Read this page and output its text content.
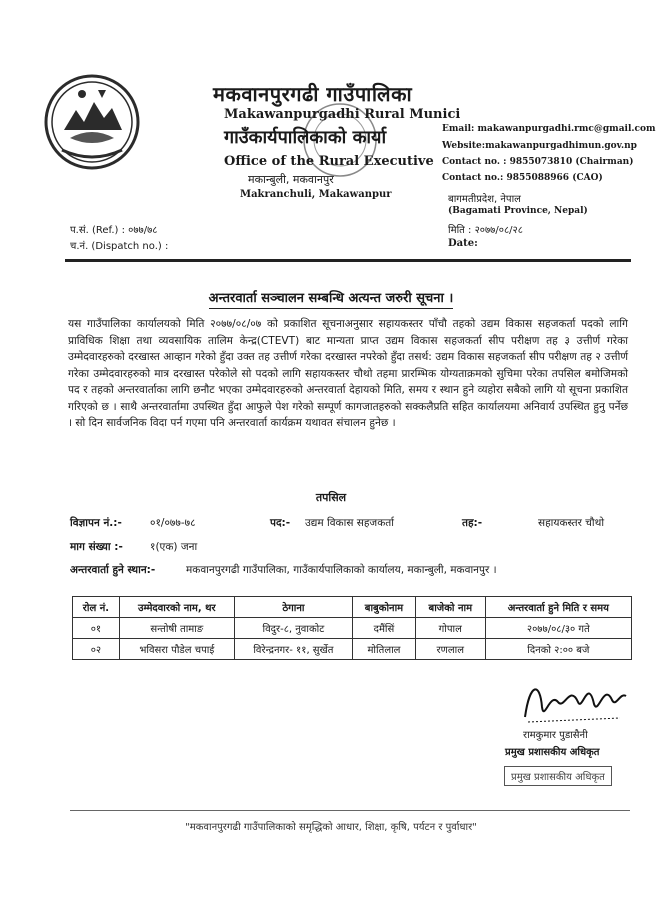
मकवानपुरगढी गाउँपालिका
Makawanpurgadhi Rural Munici
गाउँकार्यपालिकाको कार्या
Office of the Rural Executive
मकान्बुली, मकवानपुर
Makranchuli, Makawanpur
Email: makawanpurgadhi.rmc@gmail.com
Website:makawanpurgadhimun.gov.np
Contact no. : 9855073810 (Chairman)
Contact no.: 9855088966 (CAO)
बागमतीप्रदेश, नेपाल
(Bagamati Province, Nepal)
प.सं. (Ref.) : ०७७/७८
च.नं. (Dispatch no.) :
मिति : २०७७/०८/२८
Date:
अन्तरवार्ता सञ्चालन सम्बन्धि अत्यन्त जरुरी सूचना ।
यस गाउँपालिका कार्यालयको मिति २०७७/०८/०७ को प्रकाशित सूचनाअनुसार सहायकस्तर पाँचौ तहको उद्यम विकास सहजकर्ता पदको लागि प्राविधिक शिक्षा तथा व्यवसायिक तालिम केन्द्र(CTEVT) बाट मान्यता प्राप्त उद्यम विकास सहजकर्ता सीप परीक्षण तह ३ उत्तीर्ण गरेका उम्मेदवारहरुको दरखास्त आव्हान गरेको हुँदा उक्त तह उत्तीर्ण गरेका दरखास्त नपरेको हुँदा तसर्थ: उद्यम विकास सहजकर्ता सीप परीक्षण तह २ उत्तीर्ण गरेका उम्मेदवारहरुको मात्र दरखास्त परेकोले सो पदको लागि सहायकस्तर चौथो तहमा प्रारम्भिक योग्यताक्रमको सुचिमा परेका तपसिल बमोजिमको पद र तहको अन्तरवार्ताका लागि छनौट भएका उम्मेदवारहरुको अन्तरवार्ता देहायको मिति, समय र स्थान हुने व्यहोरा सबैको लागि यो सूचना प्रकाशित गरिएको छ । साथै अन्तरवार्तामा उपस्थित हुँदा आफुले पेश गरेको सम्पूर्ण कागजातहरुको सक्कलैप्रति सहित कार्यालयमा अनिवार्य उपस्थित हुनु पर्नेछ । सो दिन सार्वजनिक विदा पर्न गएमा पनि अन्तरवार्ता कार्यक्रम यथावत संचालन हुनेछ ।
तपसिल
विज्ञापन नं.:-	०१/०७७-७८	पद:- उद्यम विकास सहजकर्ता	तह:-	सहायकस्तर चौथो
माग संख्या :-	१(एक) जना
अन्तरवार्ता हुने स्थान:-	मकवानपुरगढी गाउँपालिका, गाउँकार्यपालिकाको कार्यालय, मकान्बुली, मकवानपुर ।
रोल नं.	उम्मेदवारको नाम, थर	ठेगाना	बाबुकोनाम	बाजेको नाम	अन्तरवार्ता हुने मिति र समय
०१	सन्तोषी तामाङ	विदुर-८, नुवाकोट	दमैंसिं	गोपाल	२०७७/०८/३० गते
०२	भविसरा पौडेल चपाई	विरेन्द्रनगर- ११, सुर्खेत	मोतिलाल	रणलाल	दिनको २:०० बजे
रामकुमार पुडासैनी
प्रमुख प्रशासकीय अधिकृत
प्रमुख प्रशासकीय अधिकृत
"मकवानपुरगढी गाउँपालिकाको समृद्धिको आधार, शिक्षा, कृषि, पर्यटन र पुर्वाधार"
